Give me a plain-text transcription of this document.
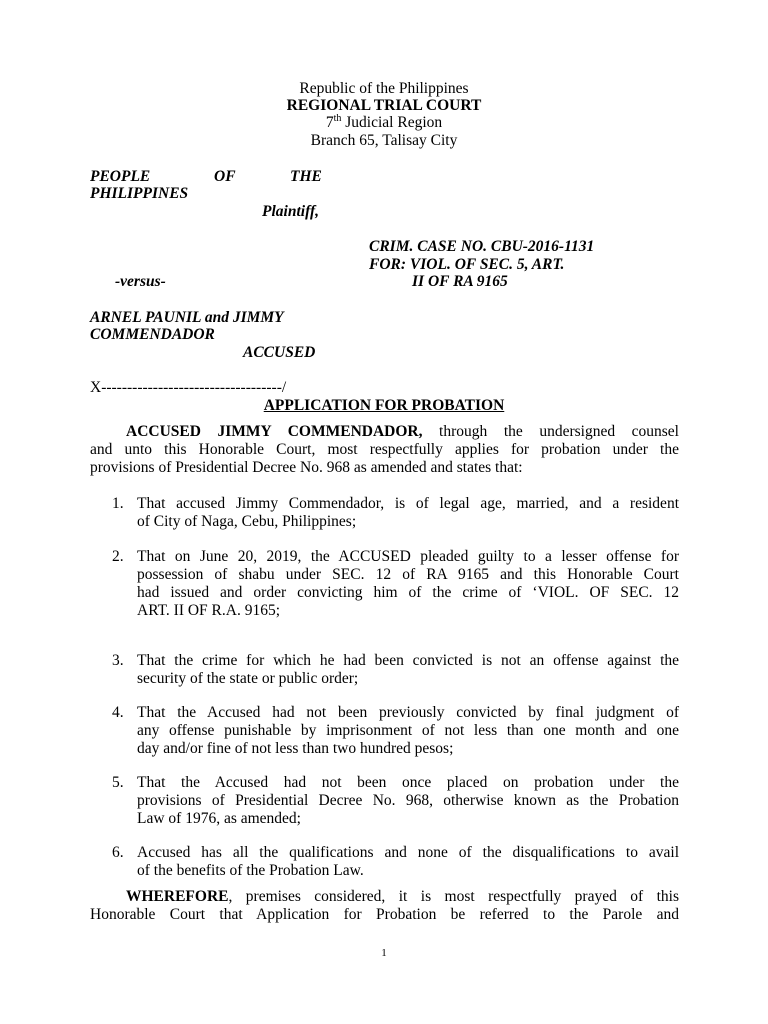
Republic of the Philippines
REGIONAL TRIAL COURT
7th Judicial Region
Branch 65, Talisay City
PEOPLE	OF	THE
PHILIPPINES
Plaintiff,
CRIM. CASE NO. CBU-2016-1131
FOR: VIOL. OF SEC. 5, ART.
-versus-	II OF RA 9165
ARNEL PAUNIL and JIMMY
COMMENDADOR
ACCUSED
X-----------------------------------/
APPLICATION FOR PROBATION
ACCUSED JIMMY COMMENDADOR, through the undersigned counsel
and unto this Honorable Court, most respectfully applies for probation under the
provisions of Presidential Decree No. 968 as amended and states that:
1. That accused Jimmy Commendador, is of legal age, married, and a resident
of City of Naga, Cebu, Philippines;
2. That on June 20, 2019, the ACCUSED pleaded guilty to a lesser offense for
possession of shabu under SEC. 12 of RA 9165 and this Honorable Court
had issued and order convicting him of the crime of ‘VIOL. OF SEC. 12
ART. II OF R.A. 9165;
3. That the crime for which he had been convicted is not an offense against the
security of the state or public order;
4. That the Accused had not been previously convicted by final judgment of
any offense punishable by imprisonment of not less than one month and one
day and/or fine of not less than two hundred pesos;
5. That the Accused had not been once placed on probation under the
provisions of Presidential Decree No. 968, otherwise known as the Probation
Law of 1976, as amended;
6. Accused has all the qualifications and none of the disqualifications to avail
of the benefits of the Probation Law.
WHEREFORE, premises considered, it is most respectfully prayed of this
Honorable Court that Application for Probation be referred to the Parole and
1
